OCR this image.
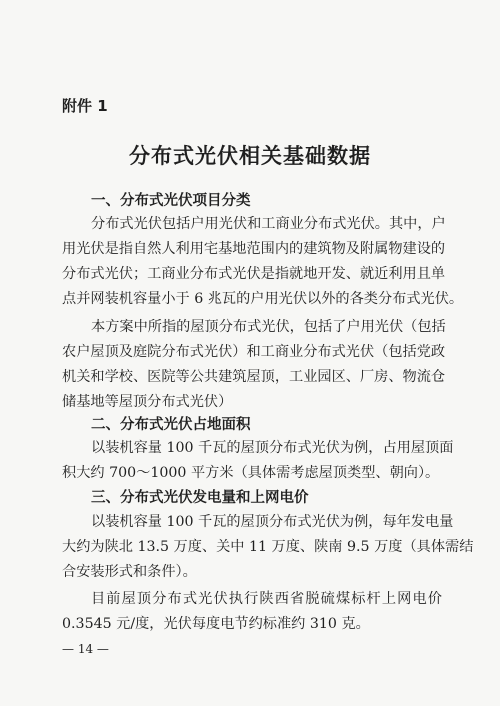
附件 1
分布式光伏相关基础数据
一、分布式光伏项目分类
分布式光伏包括户用光伏和工商业分布式光伏。其中，户
用光伏是指自然人利用宅基地范围内的建筑物及附属物建设的
分布式光伏；工商业分布式光伏是指就地开发、就近利用且单
点并网装机容量小于 6 兆瓦的户用光伏以外的各类分布式光伏。
本方案中所指的屋顶分布式光伏，包括了户用光伏（包括
农户屋顶及庭院分布式光伏）和工商业分布式光伏（包括党政
机关和学校、医院等公共建筑屋顶，工业园区、厂房、物流仓
储基地等屋顶分布式光伏）
二、分布式光伏占地面积
以装机容量 100 千瓦的屋顶分布式光伏为例，占用屋顶面
积大约 700～1000 平方米（具体需考虑屋顶类型、朝向）。
三、分布式光伏发电量和上网电价
以装机容量 100 千瓦的屋顶分布式光伏为例，每年发电量
大约为陕北 13.5 万度、关中 11 万度、陕南 9.5 万度（具体需结
合安装形式和条件）。
目前屋顶分布式光伏执行陕西省脱硫煤标杆上网电价
0.3545 元/度，光伏每度电节约标准约 310 克。
— 14 —
